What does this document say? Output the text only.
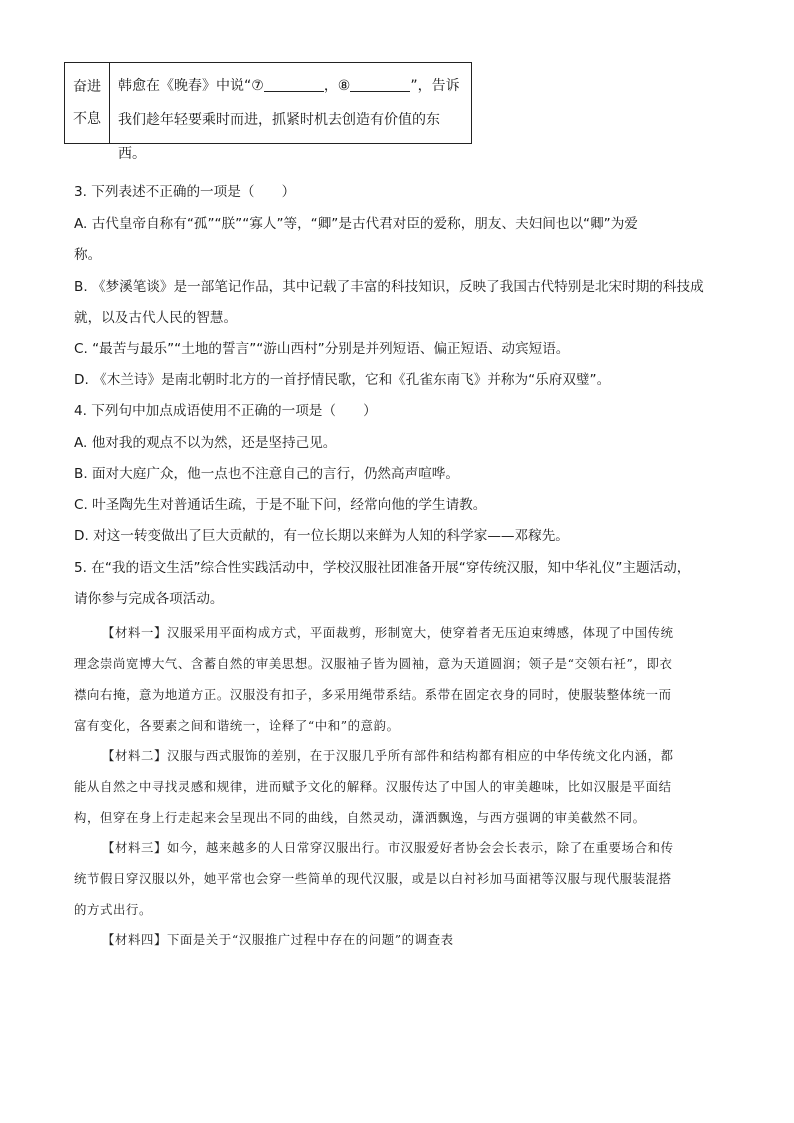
奋进
不息
韩愈在《晚春》中说“⑦	，⑧	”，告诉
我们趁年轻要乘时而进，抓紧时机去创造有价值的东西。
3. 下列表述不正确的一项是（　　）
A. 古代皇帝自称有“孤”“朕”“寡人”等，“卿”是古代君对臣的爱称，朋友、夫妇间也以“卿”为爱
称。
B. 《梦溪笔谈》是一部笔记作品，其中记载了丰富的科技知识，反映了我国古代特别是北宋时期的科技成
就，以及古代人民的智慧。
C. “最苦与最乐”“土地的誓言”“游山西村”分别是并列短语、偏正短语、动宾短语。
D. 《木兰诗》是南北朝时北方的一首抒情民歌，它和《孔雀东南飞》并称为“乐府双璧”。
4. 下列句中加点成语使用不正确的一项是（　　）
A. 他对我的观点不以为然，还是坚持己见。
B. 面对大庭广众，他一点也不注意自己的言行，仍然高声喧哗。
C. 叶圣陶先生对普通话生疏，于是不耻下问，经常向他的学生请教。
D. 对这一转变做出了巨大贡献的，有一位长期以来鲜为人知的科学家——邓稼先。
5. 在“我的语文生活”综合性实践活动中，学校汉服社团准备开展“穿传统汉服，知中华礼仪”主题活动，
请你参与完成各项活动。
【材料一】汉服采用平面构成方式，平面裁剪，形制宽大，使穿着者无压迫束缚感，体现了中国传统
理念崇尚宽博大气、含蓄自然的审美思想。汉服袖子皆为圆袖，意为天道圆润；领子是“交领右衽”，即衣
襟向右掩，意为地道方正。汉服没有扣子，多采用绳带系结。系带在固定衣身的同时，使服装整体统一而
富有变化，各要素之间和谐统一，诠释了“中和”的意韵。
【材料二】汉服与西式服饰的差别，在于汉服几乎所有部件和结构都有相应的中华传统文化内涵，都
能从自然之中寻找灵感和规律，进而赋予文化的解释。汉服传达了中国人的审美趣味，比如汉服是平面结
构，但穿在身上行走起来会呈现出不同的曲线，自然灵动，潇洒飘逸，与西方强调的审美截然不同。
【材料三】如今，越来越多的人日常穿汉服出行。市汉服爱好者协会会长表示，除了在重要场合和传
统节假日穿汉服以外，她平常也会穿一些简单的现代汉服，或是以白衬衫加马面裙等汉服与现代服装混搭
的方式出行。
【材料四】下面是关于“汉服推广过程中存在的问题”的调查表
